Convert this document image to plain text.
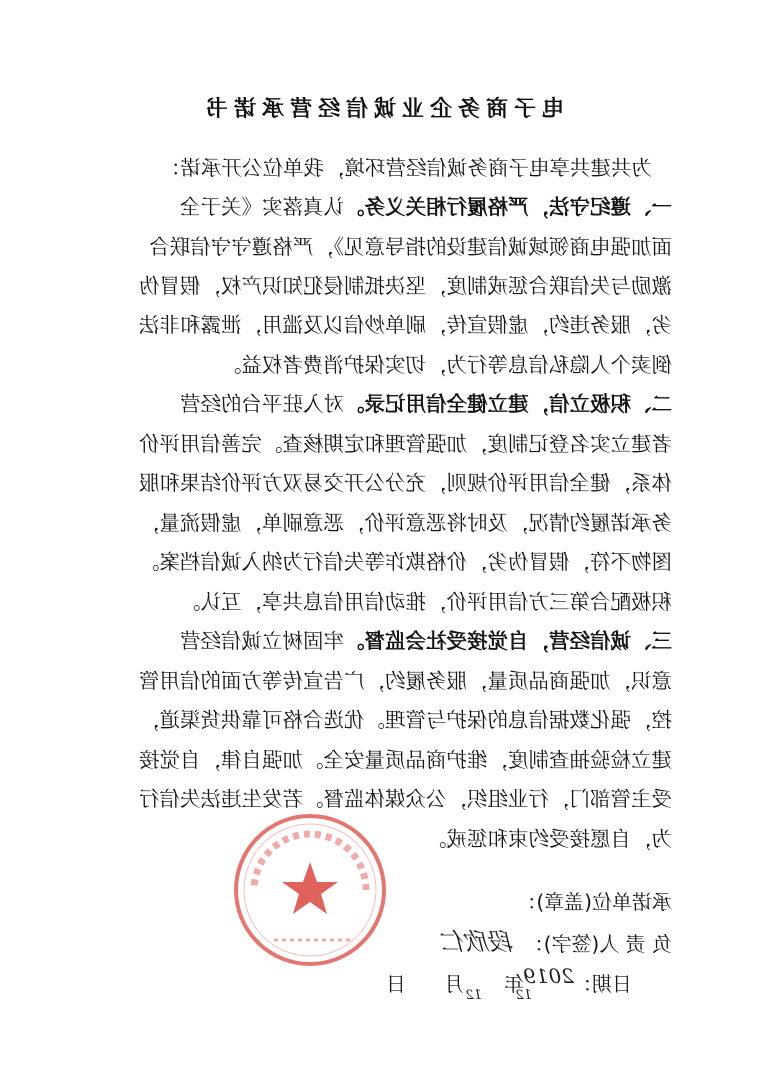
电子商务企业诚信经营承诺书
为共建共享电子商务诚信经营环境，我单位公开承诺：
一、遵纪守法，严格履行相关义务。认真落实《关于全
面加强电商领域诚信建设的指导意见》，严格遵守守信联合
激励与失信联合惩戒制度，坚决抵制侵犯知识产权，假冒伪
劣，服务违约，虚假宣传，刷单炒信以及滥用，泄露和非法
倒卖个人隐私信息等行为，切实保护消费者权益。
二、积极立信，建立健全信用记录。对入驻平台的经营
者建立实名登记制度，加强管理和定期核查。完善信用评价
体系，健全信用评价规则，充分公开交易双方评价结果和服
务承诺履约情况，及时将恶意评价，恶意刷单，虚假流量，
图物不符，假冒伪劣，价格欺诈等失信行为纳入诚信档案。
积极配合第三方信用评价，推动信用信息共享，互认。
三、诚信经营，自觉接受社会监督。牢固树立诚信经营
意识，加强商品质量，服务履约，广告宣传等方面的信用管
控，强化数据信息的保护与管理。优选合格可靠供货渠道，
建立检验抽查制度，维护商品质量安全。加强自律，自觉接
受主管部门，行业组织，公众媒体监督。若发生违法失信行
为，自愿接受约束和惩戒。
承诺单位(盖章)：
负 责 人(签字)：
段欣仁
日期：
2019
年
12
月 12
日
